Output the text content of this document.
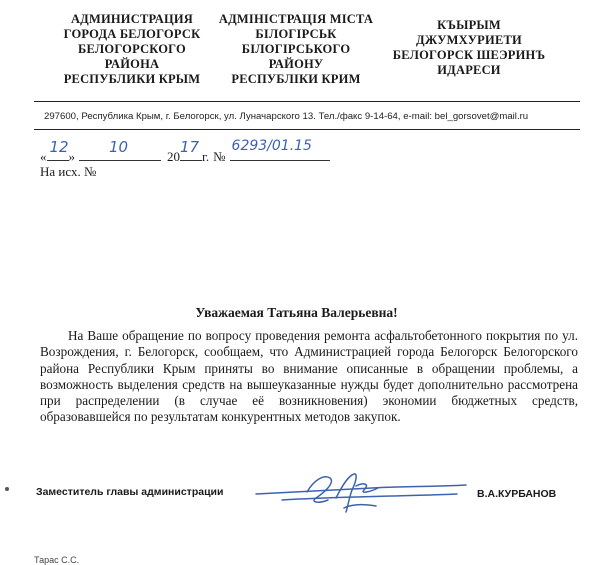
АДМИНИСТРАЦИЯ
ГОРОДА БЕЛОГОРСК
БЕЛОГОРСКОГО
РАЙОНА
РЕСПУБЛИКИ КРЫМ
АДМІНІСТРАЦІЯ МІСТА
БІЛОГІРСЬК
БІЛОГІРСЬКОГО
РАЙОНУ
РЕСПУБЛІКИ КРИМ
КЪЫРЫМ
ДЖУМХУРИЕТИ
БЕЛОГОРСК ШЕЭРИНЪ
ИДАРЕСИ
297600, Республика Крым, г. Белогорск, ул. Луначарского 13. Тел./факс 9-14-64, e-mail: bel_gorsovet@mail.ru
«
12
»
10
20
17
г. №
6293/01.15
На исх. №
Уважаемая Татьяна Валерьевна!
На Ваше обращение по вопросу проведения ремонта асфальтобетонного покрытия по ул. Возрождения, г. Белогорск, сообщаем, что Администрацией города Белогорск Белогорского района Республики Крым приняты во внимание описанные в обращении проблемы, а возможность выделения средств на вышеуказанные нужды будет дополнительно рассмотрена при распределении (в случае её возникновения) экономии бюджетных средств, образовавшейся по результатам конкурентных методов закупок.
Заместитель главы администрации	В.А.КУРБАНОВ
Тарас С.С.
